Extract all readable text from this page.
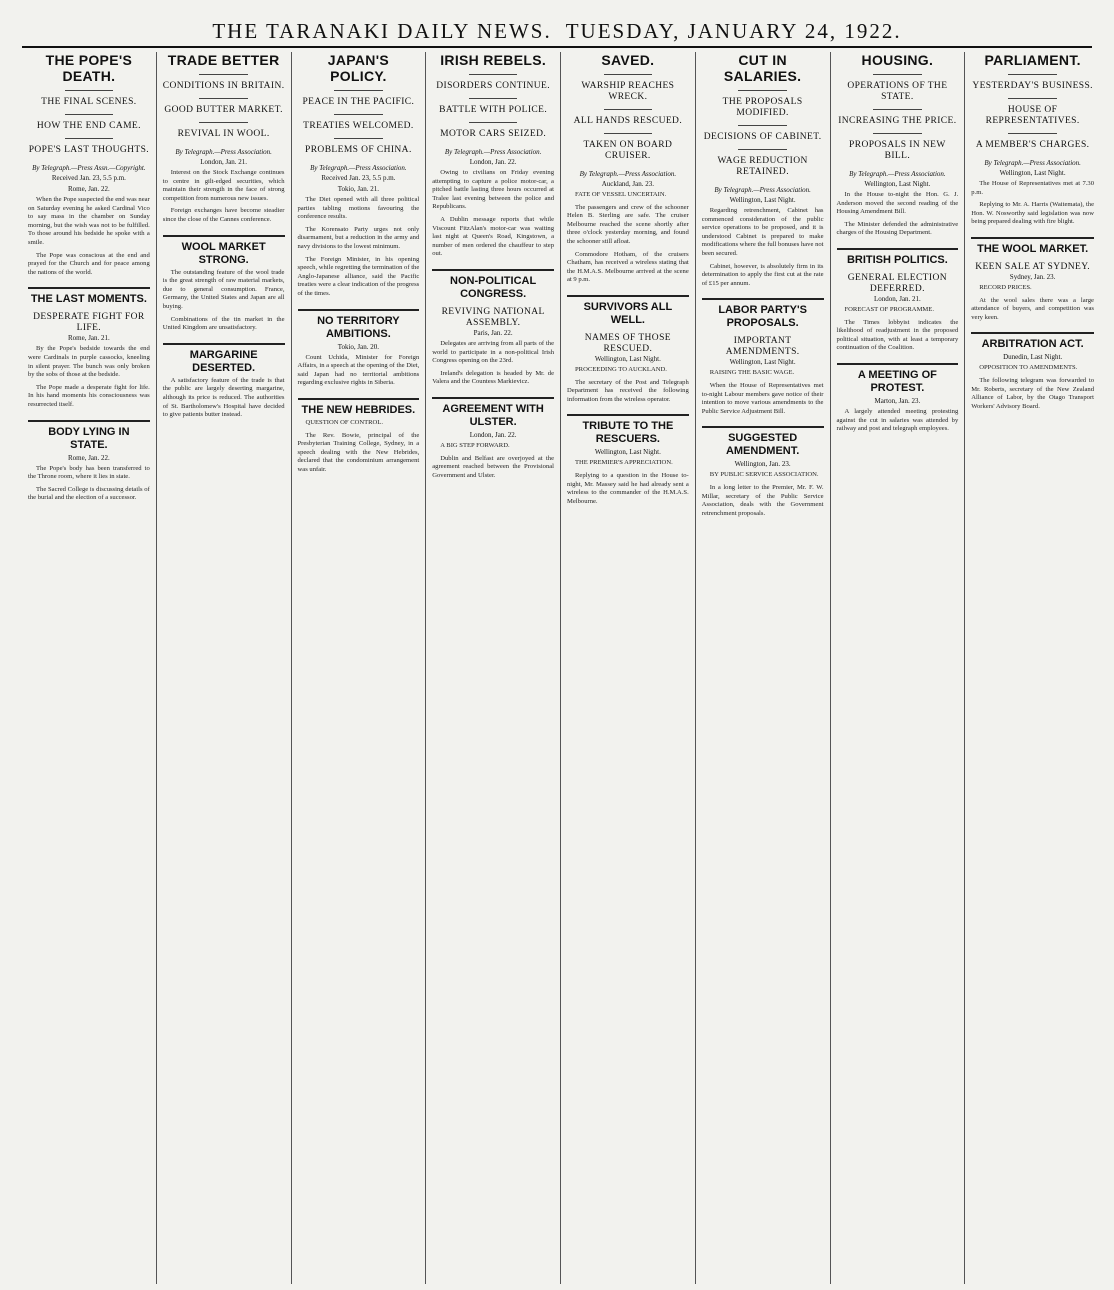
THE TARANAKI DAILY NEWS. TUESDAY, JANUARY 24, 1922.
THE POPE'S DEATH.
THE FINAL SCENES.
HOW THE END CAME.
POPE'S LAST THOUGHTS.
By Telegraph.—Press Assn.—Copyright.
Received Jan. 23, 5.5 p.m.
Rome, Jan. 22.

When the Pope suspected the end was near on Saturday evening he asked Cardinal Vico to say mass in the chamber on Sunday morning, but the wish was not to be fulfilled. To those around his bedside he spoke with a smile.

The Pope was conscious at the end and prayed for the Church and for peace among the nations of the world.

THE LAST MOMENTS.
DESPERATE FIGHT FOR LIFE.
Rome, Jan. 21.

By the Pope's bedside towards the end were Cardinals in purple cassocks, kneeling in silent prayer. The bunch was only broken by the sobs of those at the bedside.

The Pope made a desperate fight for life. In his hand moments his consciousness was resurrected itself.

BODY LYING IN STATE.
Rome, Jan. 22.

The Pope's body has been transferred to the Throne room, where it lies in state.

The Sacred College is discussing details of the burial and the election of a successor.

TRADE BETTER
CONDITIONS IN BRITAIN.
GOOD BUTTER MARKET.
REVIVAL IN WOOL.
By Telegraph.—Press Association.
London, Jan. 21.

Interest on the Stock Exchange continues to centre in gilt-edged securities, which maintain their strength in the face of strong competition from numerous new issues.

Foreign exchanges have become steadier since the close of the Cannes conference.

WOOL MARKET STRONG.

The outstanding feature of the wool trade is the great strength of raw material markets, due to general consumption. France, Germany, the United States and Japan are all buying.

Combinations of the tin market in the United Kingdom are unsatisfactory.

MARGARINE DESERTED.

A satisfactory feature of the trade is that the public are largely deserting margarine, although its price is reduced. The authorities of St. Bartholomew's Hospital have decided to give patients butter instead.

JAPAN'S POLICY.
PEACE IN THE PACIFIC.
TREATIES WELCOMED.
PROBLEMS OF CHINA.
By Telegraph.—Press Association.
Received Jan. 23, 5.5 p.m.
Tokio, Jan. 21.

The Diet opened with all three political parties tabling motions favouring the conference results.

The Korensato Party urges not only disarmament, but a reduction in the army and navy divisions to the lowest minimum.

The Foreign Minister, in his opening speech, while regretting the termination of the Anglo-Japanese alliance, said the Pacific treaties were a clear indication of the progress of the times.

NO TERRITORY AMBITIONS.
Tokio, Jan. 20.

Count Uchida, Minister for Foreign Affairs, in a speech at the opening of the Diet, said Japan had no territorial ambitions regarding exclusive rights in Siberia.

THE NEW HEBRIDES.

QUESTION OF CONTROL.

The Rev. Bowie, principal of the Presbyterian Training College, Sydney, in a speech dealing with the New Hebrides, declared that the condominium arrangement was unfair.

IRISH REBELS.
DISORDERS CONTINUE.
BATTLE WITH POLICE.
MOTOR CARS SEIZED.
By Telegraph.—Press Association.
London, Jan. 22.

Owing to civilians on Friday evening attempting to capture a police motor-car, a pitched battle lasting three hours occurred at Tralee last evening between the police and Republicans.

A Dublin message reports that while Viscount FitzAlan's motor-car was waiting last night at Queen's Road, Kingstown, a number of men ordered the chauffeur to step out.

NON-POLITICAL CONGRESS.
REVIVING NATIONAL ASSEMBLY.
Paris, Jan. 22.

Delegates are arriving from all parts of the world to participate in a non-political Irish Congress opening on the 23rd.

Ireland's delegation is headed by Mr. de Valera and the Countess Markievicz.

AGREEMENT WITH ULSTER.
London, Jan. 22.

A BIG STEP FORWARD.

Dublin and Belfast are overjoyed at the agreement reached between the Provisional Government and Ulster.

SAVED.
WARSHIP REACHES WRECK.
ALL HANDS RESCUED.
TAKEN ON BOARD CRUISER.
By Telegraph.—Press Association.
Auckland, Jan. 23.

FATE OF VESSEL UNCERTAIN.

The passengers and crew of the schooner Helen B. Sterling are safe. The cruiser Melbourne reached the scene shortly after three o'clock yesterday morning, and found the schooner still afloat.

Commodore Hotham, of the cruisers Chatham, has received a wireless stating that the H.M.A.S. Melbourne arrived at the scene at 9 p.m.

SURVIVORS ALL WELL.
NAMES OF THOSE RESCUED.
Wellington, Last Night.

PROCEEDING TO AUCKLAND.

The secretary of the Post and Telegraph Department has received the following information from the wireless operator.

TRIBUTE TO THE RESCUERS.
Wellington, Last Night.

THE PREMIER'S APPRECIATION.

Replying to a question in the House to-night, Mr. Massey said he had already sent a wireless to the commander of the H.M.A.S. Melbourne.

CUT IN SALARIES.
THE PROPOSALS MODIFIED.
DECISIONS OF CABINET.
WAGE REDUCTION RETAINED.
By Telegraph.—Press Association.
Wellington, Last Night.

Regarding retrenchment, Cabinet has commenced consideration of the public service operations to be proposed, and it is understood Cabinet is prepared to make modifications where the full bonuses have not been secured.

Cabinet, however, is absolutely firm in its determination to apply the first cut at the rate of £15 per annum.

LABOR PARTY'S PROPOSALS.
IMPORTANT AMENDMENTS.
Wellington, Last Night.

RAISING THE BASIC WAGE.

When the House of Representatives met to-night Labour members gave notice of their intention to move various amendments to the Public Service Adjustment Bill.

SUGGESTED AMENDMENT.
Wellington, Jan. 23.

BY PUBLIC SERVICE ASSOCIATION.

In a long letter to the Premier, Mr. F. W. Millar, secretary of the Public Service Association, deals with the Government retrenchment proposals.

HOUSING.
OPERATIONS OF THE STATE.
INCREASING THE PRICE.
PROPOSALS IN NEW BILL.
By Telegraph.—Press Association.
Wellington, Last Night.

In the House to-night the Hon. G. J. Anderson moved the second reading of the Housing Amendment Bill.

The Minister defended the administrative charges of the Housing Department.

BRITISH POLITICS.
GENERAL ELECTION DEFERRED.
London, Jan. 21.

FORECAST OF PROGRAMME.

The Times lobbyist indicates the likelihood of readjustment in the proposed political situation, with at least a temporary continuation of the Coalition.

A MEETING OF PROTEST.
Marton, Jan. 23.

A largely attended meeting protesting against the cut in salaries was attended by railway and post and telegraph employees.

PARLIAMENT.
YESTERDAY'S BUSINESS.
HOUSE OF REPRESENTATIVES.
A MEMBER'S CHARGES.
By Telegraph.—Press Association.
Wellington, Last Night.

The House of Representatives met at 7.30 p.m.

Replying to Mr. A. Harris (Waitemata), the Hon. W. Nosworthy said legislation was now being prepared dealing with fire blight.

THE WOOL MARKET.
KEEN SALE AT SYDNEY.
Sydney, Jan. 23.

RECORD PRICES.

At the wool sales there was a large attendance of buyers, and competition was very keen.

ARBITRATION ACT.
Dunedin, Last Night.

OPPOSITION TO AMENDMENTS.

The following telegram was forwarded to Mr. Roberts, secretary of the New Zealand Alliance of Labor, by the Otago Transport Workers' Advisory Board.
